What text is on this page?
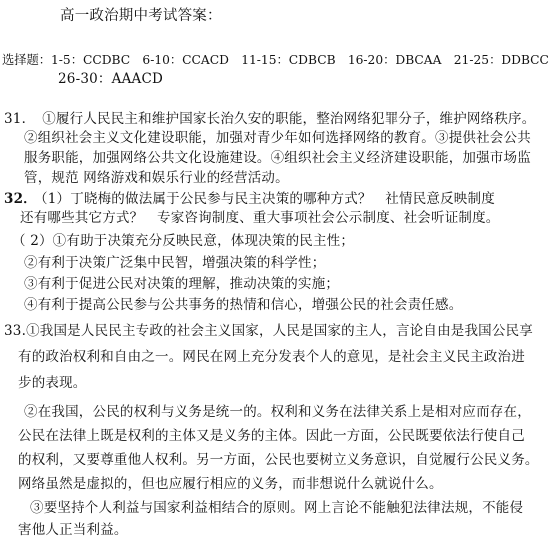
高一政治期中考试答案：
选择题：1-5：CCDBC　6-10：CCACD　11-15：CDBCB　16-20：DBCAA　21-25：DDBCC
26-30：AAACD
31．　①履行人民民主和维护国家长治久安的职能，整治网络犯罪分子，维护网络秩序。
②组织社会主义文化建设职能，加强对青少年如何选择网络的教育。③提供社会公共
服务职能，加强网络公共文化设施建设。④组织社会主义经济建设职能，加强市场监
管，规范 网络游戏和娱乐行业的经营活动。
32．
（1）丁晓梅的做法属于公民参与民主决策的哪种方式？　社情民意反映制度
还有哪些其它方式？　专家咨询制度、重大事项社会公示制度、社会听证制度。
（ 2）①有助于决策充分反映民意，体现决策的民主性；
②有利于决策广泛集中民智，增强决策的科学性；
③有利于促进公民对决策的理解，推动决策的实施；
④有利于提高公民参与公共事务的热情和信心，增强公民的社会责任感。
33.①我国是人民民主专政的社会主义国家，人民是国家的主人，言论自由是我国公民享
有的政治权利和自由之一。网民在网上充分发表个人的意见，是社会主义民主政治进
步的表现。
②在我国，公民的权利与义务是统一的。权利和义务在法律关系上是相对应而存在，
公民在法律上既是权利的主体又是义务的主体。因此一方面，公民既要依法行使自己
的权利，又要尊重他人权利。另一方面，公民也要树立义务意识，自觉履行公民义务。
网络虽然是虚拟的，但也应履行相应的义务，而非想说什么就说什么。
③要坚持个人利益与国家利益相结合的原则。网上言论不能触犯法律法规，不能侵
害他人正当利益。
